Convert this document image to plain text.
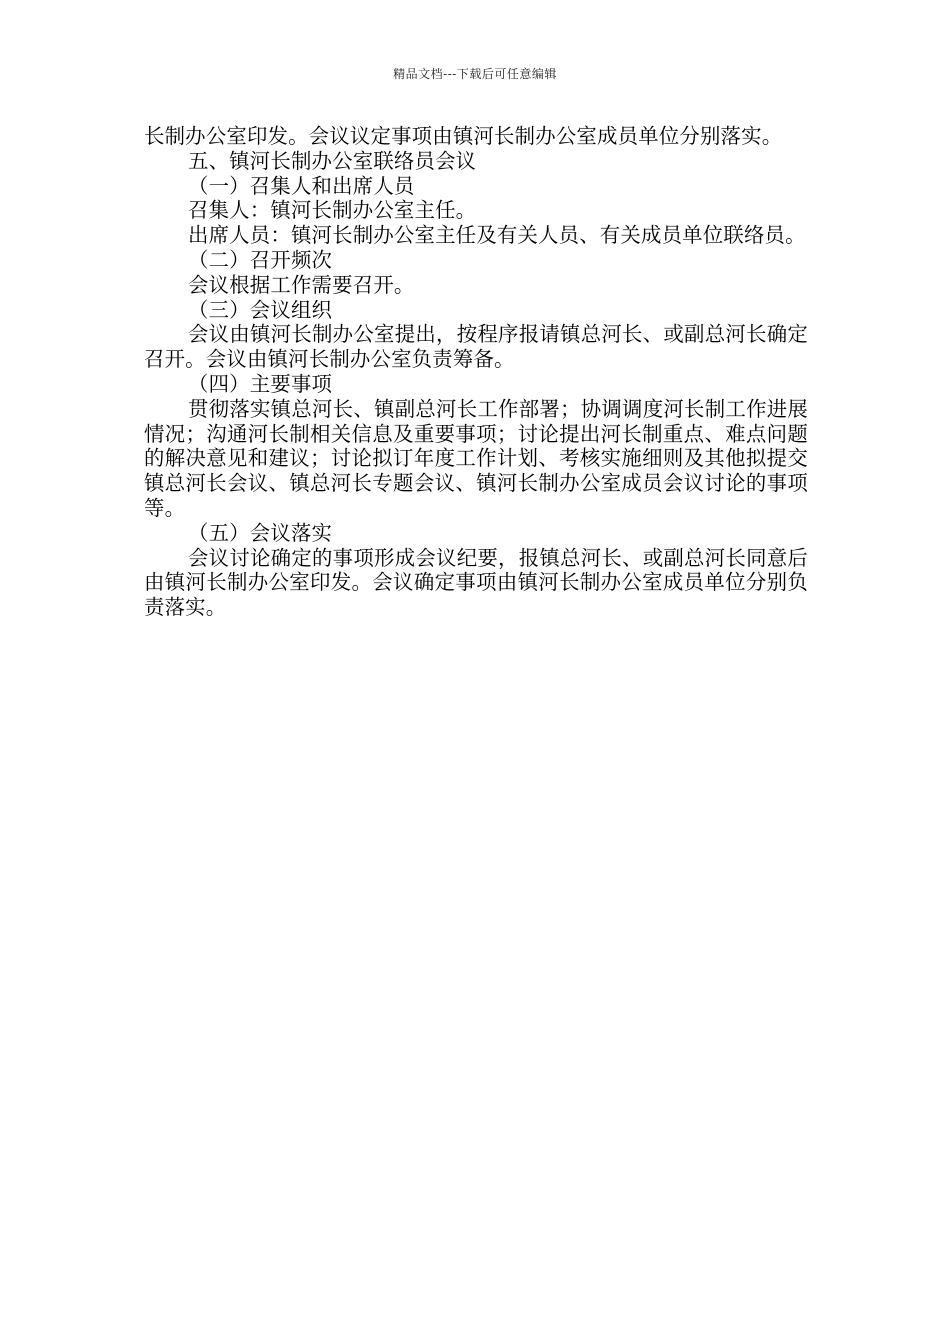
精品文档---下载后可任意编辑

长制办公室印发。会议议定事项由镇河长制办公室成员单位分别落实。

五、镇河长制办公室联络员会议

（一）召集人和出席人员

召集人：镇河长制办公室主任。

出席人员：镇河长制办公室主任及有关人员、有关成员单位联络员。

（二）召开频次

会议根据工作需要召开。

（三）会议组织

会议由镇河长制办公室提出，按程序报请镇总河长、或副总河长确定召开。会议由镇河长制办公室负责筹备。

（四）主要事项

贯彻落实镇总河长、镇副总河长工作部署；协调调度河长制工作进展情况；沟通河长制相关信息及重要事项；讨论提出河长制重点、难点问题的解决意见和建议；讨论拟订年度工作计划、考核实施细则及其他拟提交镇总河长会议、镇总河长专题会议、镇河长制办公室成员会议讨论的事项等。

（五）会议落实

会议讨论确定的事项形成会议纪要，报镇总河长、或副总河长同意后由镇河长制办公室印发。会议确定事项由镇河长制办公室成员单位分别负责落实。
